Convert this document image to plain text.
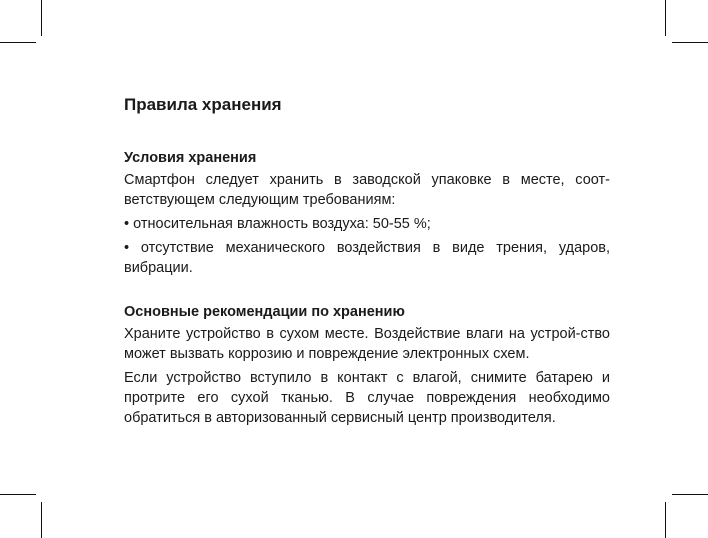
Правила хранения
Условия хранения

Смартфон следует хранить в заводской упаковке в месте, соот-ветствующем следующим требованиям:

• относительная влажность воздуха: 50-55 %;

• отсутствие механического воздействия в виде трения, ударов, вибрации.

Основные рекомендации по хранению

Храните устройство в сухом месте. Воздействие влаги на устрой-ство может вызвать коррозию и повреждение электронных схем.

Если устройство вступило в контакт с влагой, снимите батарею и протрите его сухой тканью. В случае повреждения необходимо обратиться в авторизованный сервисный центр производителя.
